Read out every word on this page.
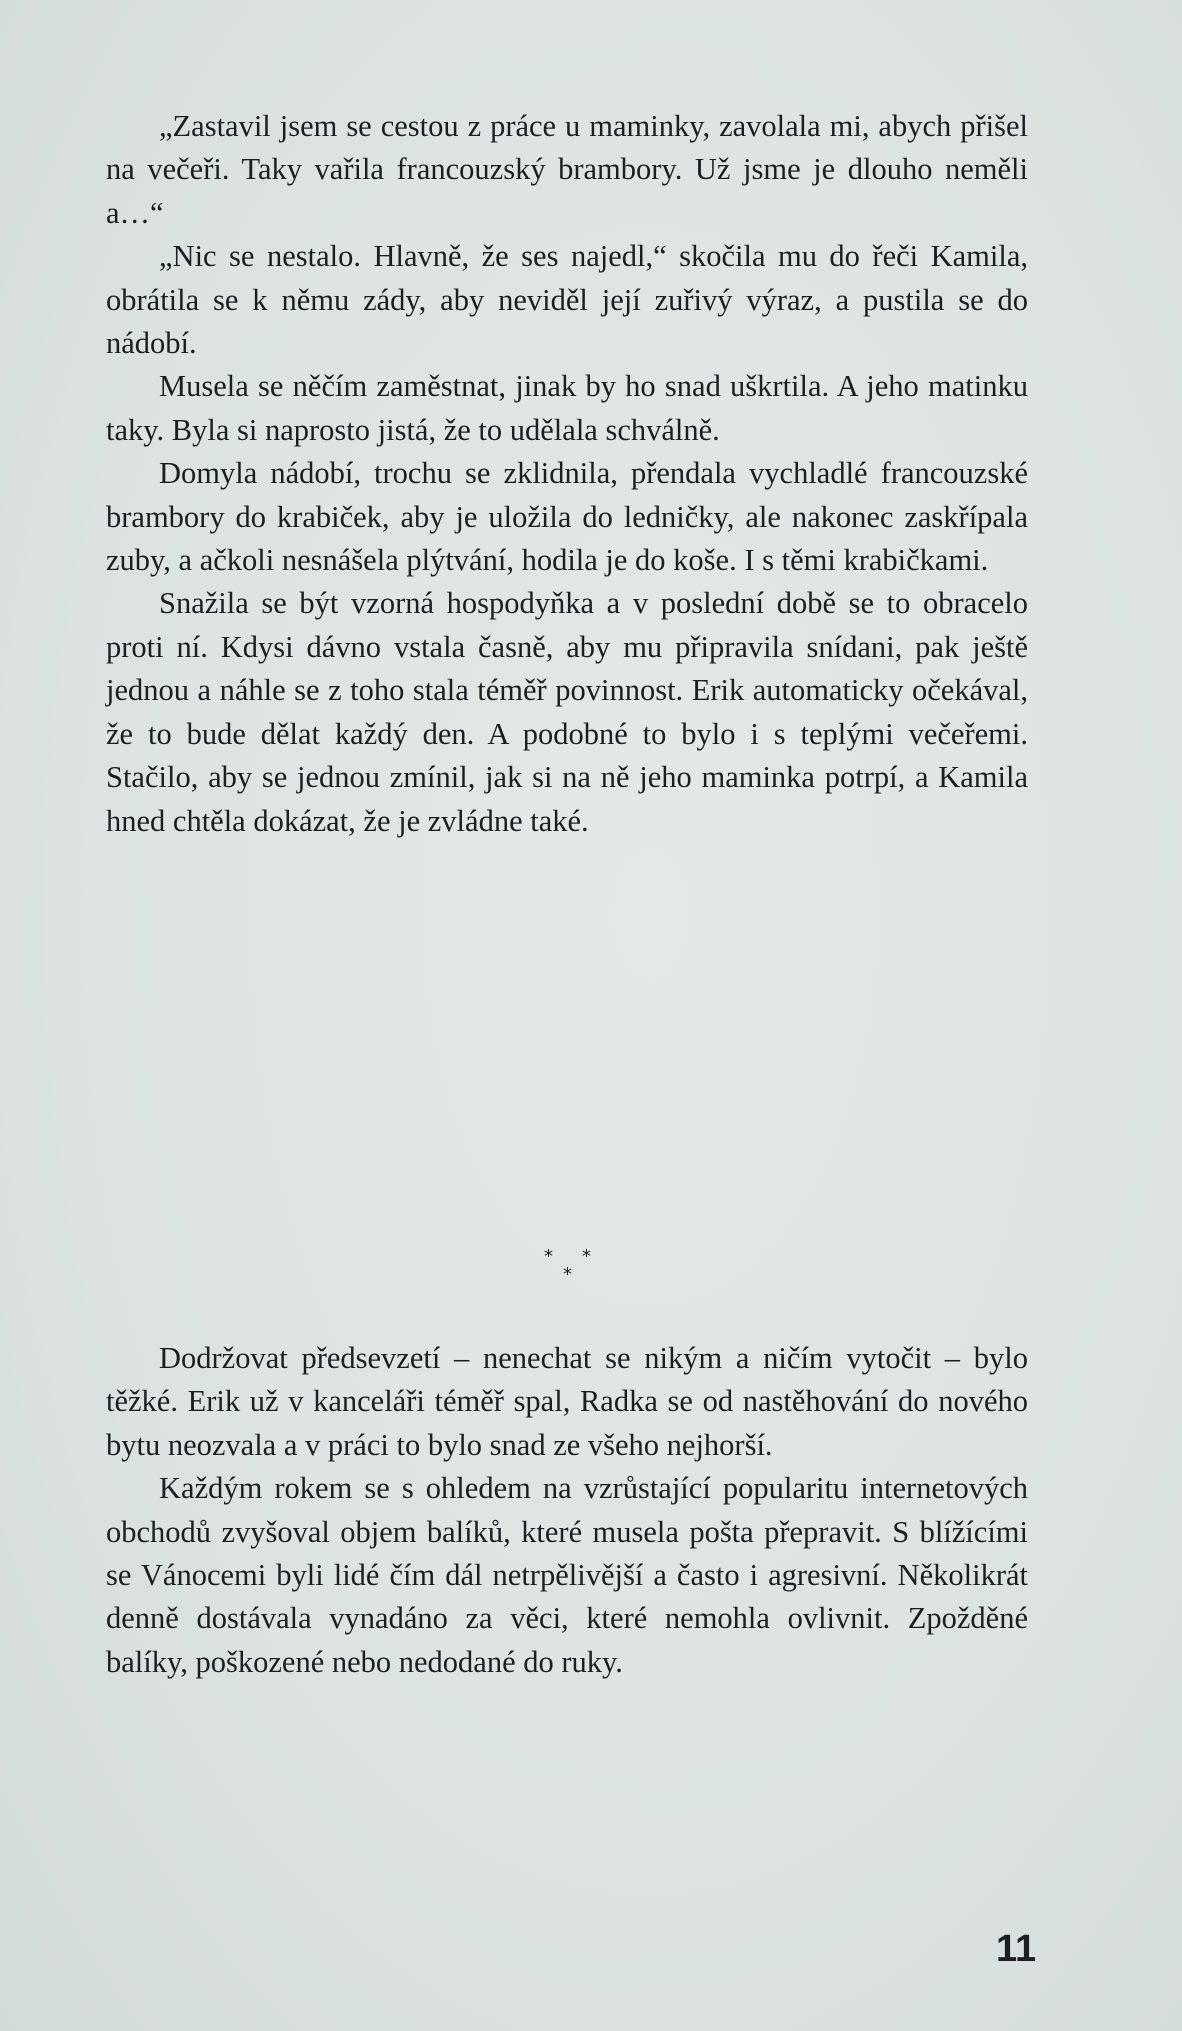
„Zastavil jsem se cestou z práce u maminky, zavolala mi, abych přišel na večeři. Taky vařila francouzský brambory. Už jsme je dlouho neměli a…“

„Nic se nestalo. Hlavně, že ses najedl,“ skočila mu do řeči Kamila, obrátila se k němu zády, aby neviděl její zuřivý výraz, a pustila se do nádobí.

Musela se něčím zaměstnat, jinak by ho snad uškrtila. A jeho matinku taky. Byla si naprosto jistá, že to udělala schválně.

Domyla nádobí, trochu se zklidnila, přendala vychladlé francouzské brambory do krabiček, aby je uložila do ledničky, ale nakonec zaskřípala zuby, a ačkoli nesnášela plýtvání, hodila je do koše. I s těmi krabičkami.

Snažila se být vzorná hospodyňka a v poslední době se to obracelo proti ní. Kdysi dávno vstala časně, aby mu připravila snídani, pak ještě jednou a náhle se z toho stala téměř povinnost. Erik automaticky očekával, že to bude dělat každý den. A podobné to bylo i s teplými večeřemi. Stačilo, aby se jednou zmínil, jak si na ně jeho maminka potrpí, a Kamila hned chtěla dokázat, že je zvládne také.

* *
*

Dodržovat předsevzetí – nenechat se nikým a ničím vytočit – bylo těžké. Erik už v kanceláři téměř spal, Radka se od nastěhování do nového bytu neozvala a v práci to bylo snad ze všeho nejhorší.

Každým rokem se s ohledem na vzrůstající popularitu internetových obchodů zvyšoval objem balíků, které musela pošta přepravit. S blížícími se Vánocemi byli lidé čím dál netrpělivější a často i agresivní. Několikrát denně dostávala vynadáno za věci, které nemohla ovlivnit. Zpožděné balíky, poškozené nebo nedodané do ruky.

11
